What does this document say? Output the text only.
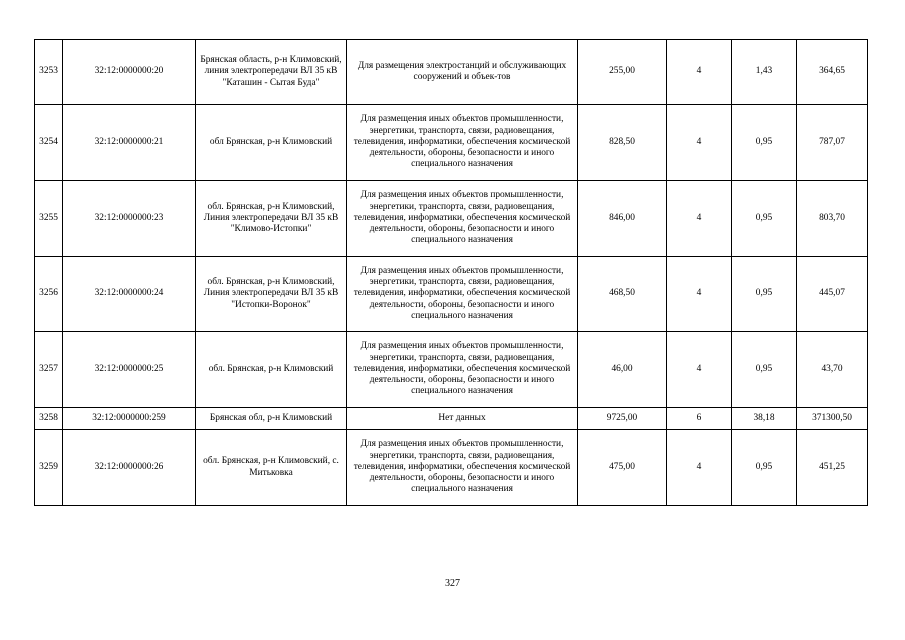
3253	32:12:0000000:20	Брянская область, р-н Климовский, линия электропередачи ВЛ 35 кВ "Каташин - Сытая Буда"	Для размещения электростанций и обслуживающих сооружений и объек-тов	255,00	4	1,43	364,65
3254	32:12:0000000:21	обл Брянская, р-н Климовский	Для размещения иных объектов промышленности, энергетики, транспорта, связи, радиовещания, телевидения, информатики, обеспечения космической деятельности, обороны, безопасности и иного специального назначения	828,50	4	0,95	787,07
3255	32:12:0000000:23	обл. Брянская, р-н Климовский, Линия электропередачи ВЛ 35 кВ "Климово-Истопки"	Для размещения иных объектов промышленности, энергетики, транспорта, связи, радиовещания, телевидения, информатики, обеспечения космической деятельности, обороны, безопасности и иного специального назначения	846,00	4	0,95	803,70
3256	32:12:0000000:24	обл. Брянская, р-н Климовский, Линия электропередачи ВЛ 35 кВ "Истопки-Воронок"	Для размещения иных объектов промышленности, энергетики, транспорта, связи, радиовещания, телевидения, информатики, обеспечения космической деятельности, обороны, безопасности и иного специального назначения	468,50	4	0,95	445,07
3257	32:12:0000000:25	обл. Брянская, р-н Климовский	Для размещения иных объектов промышленности, энергетики, транспорта, связи, радиовещания, телевидения, информатики, обеспечения космической деятельности, обороны, безопасности и иного специального назначения	46,00	4	0,95	43,70
3258	32:12:0000000:259	Брянская обл, р-н Климовский	Нет данных	9725,00	6	38,18	371300,50
3259	32:12:0000000:26	обл. Брянская, р-н Климовский, с. Митьковка	Для размещения иных объектов промышленности, энергетики, транспорта, связи, радиовещания, телевидения, информатики, обеспечения космической деятельности, обороны, безопасности и иного специального назначения	475,00	4	0,95	451,25
327
